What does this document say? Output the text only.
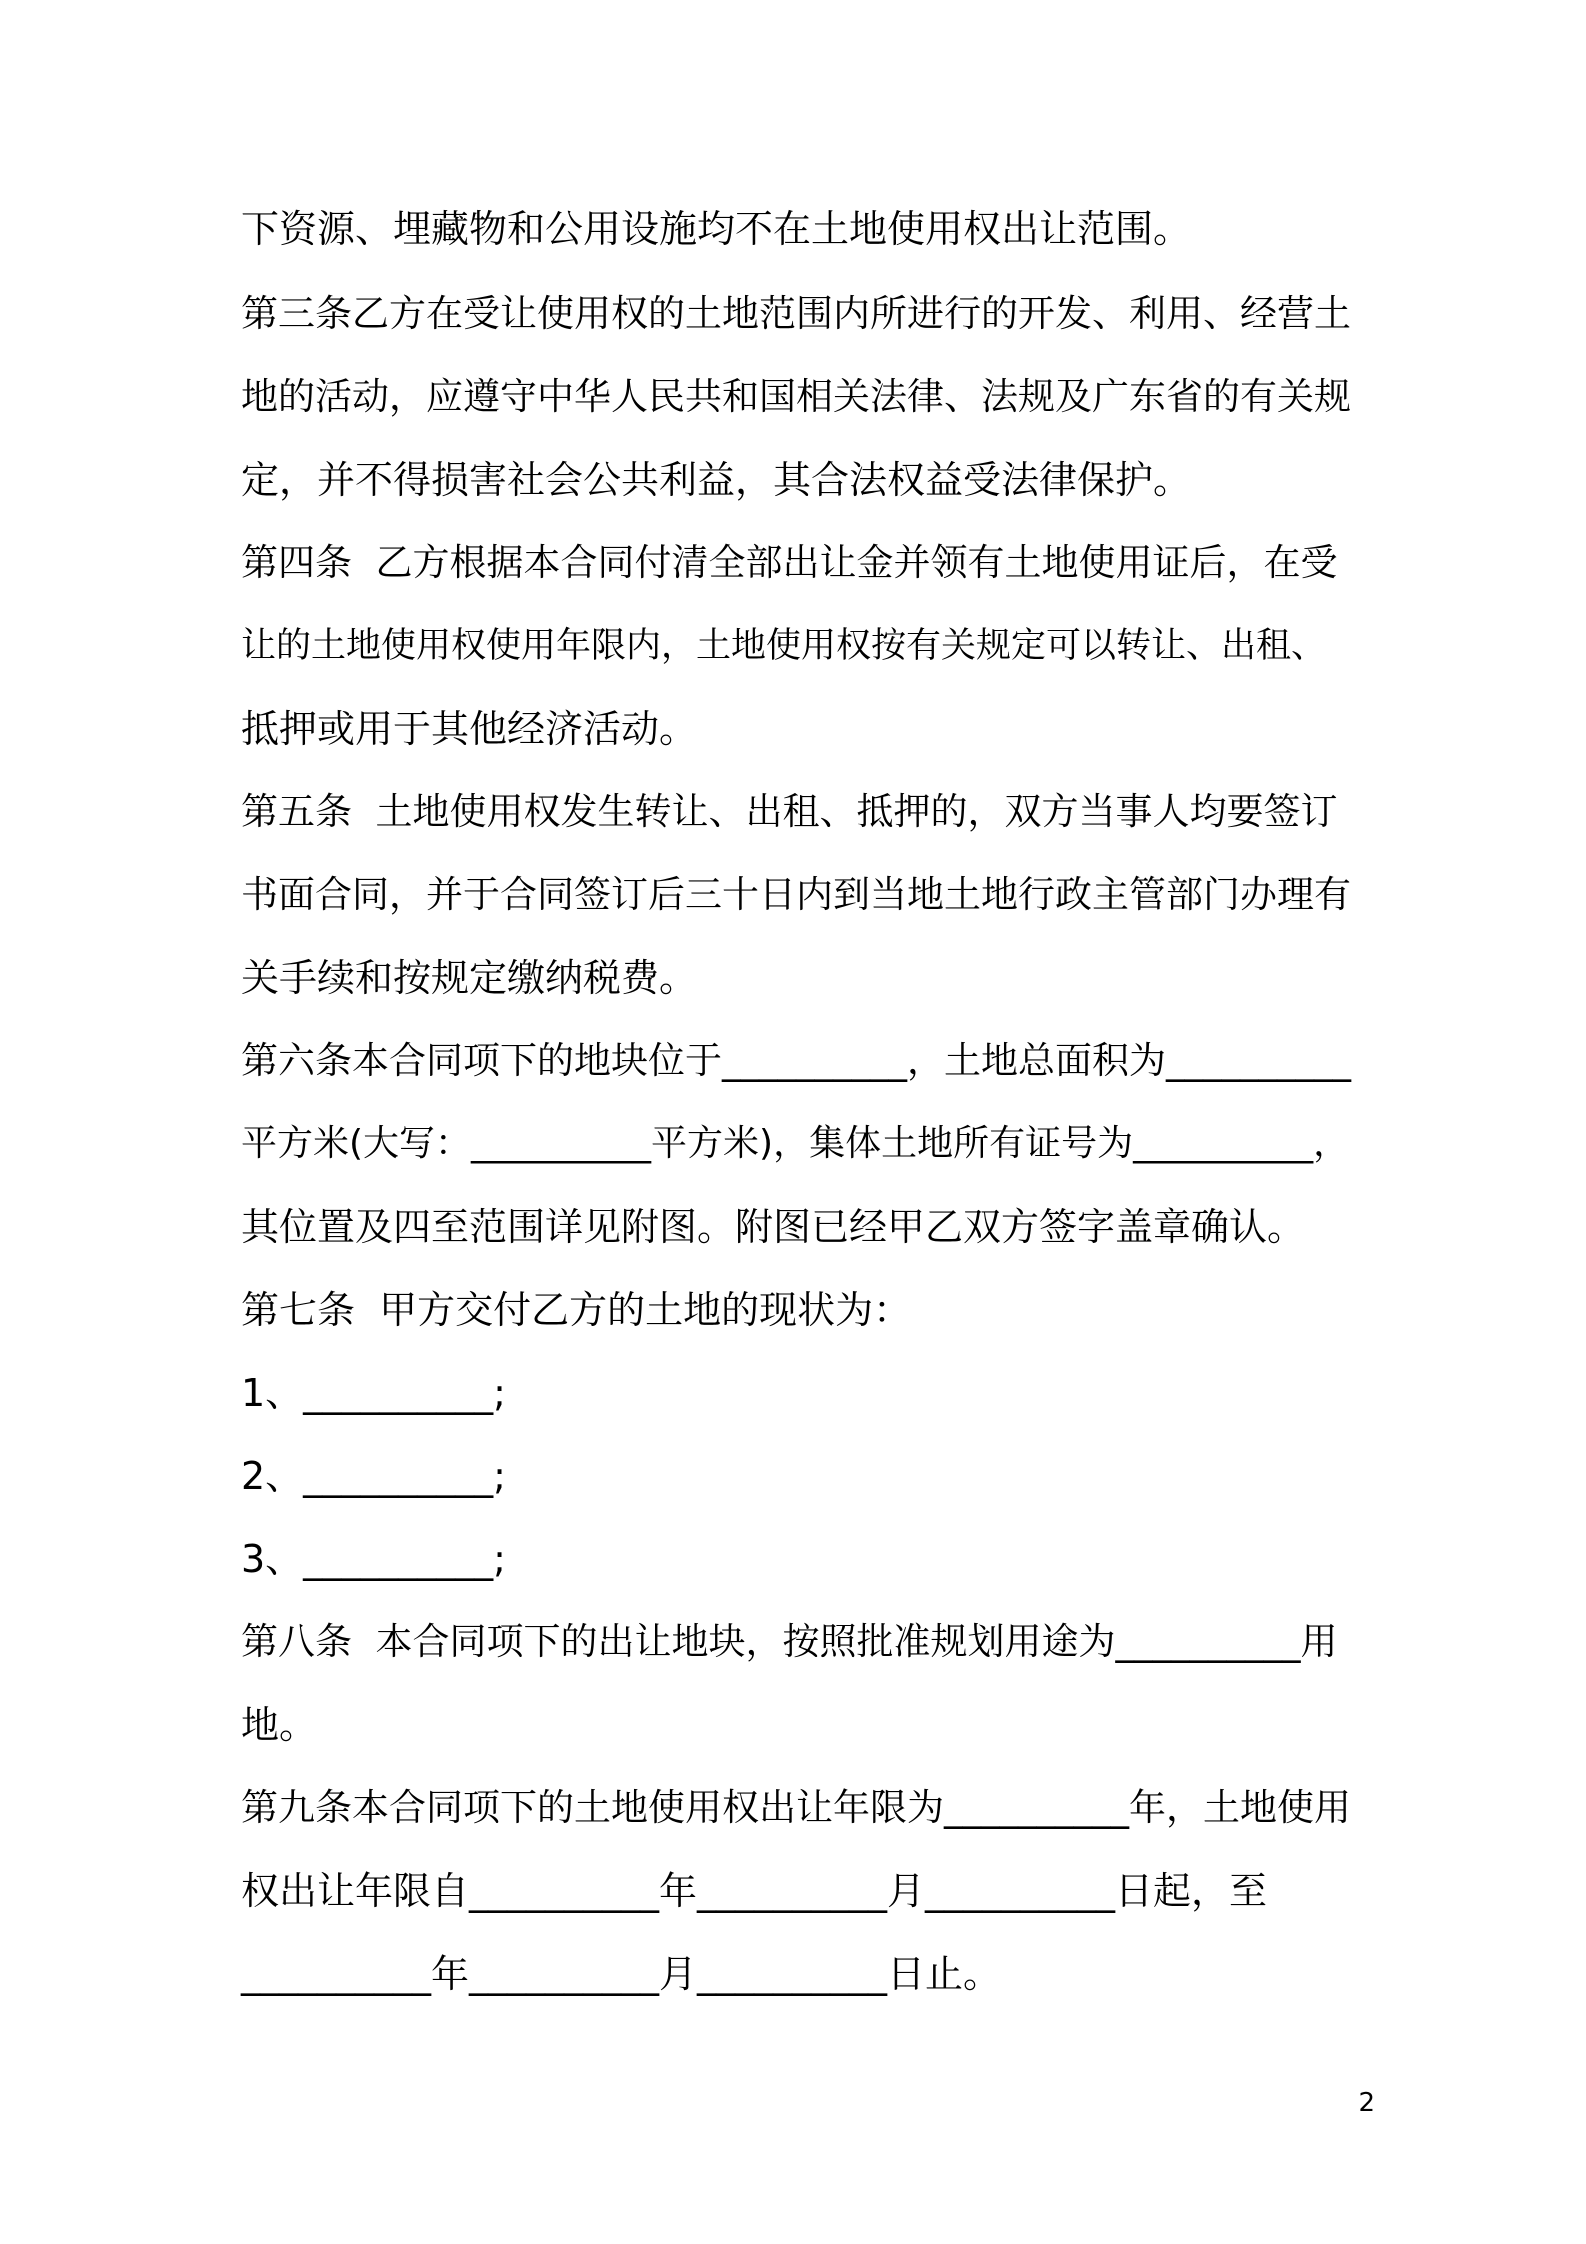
下资源、埋藏物和公用设施均不在土地使用权出让范围。
第三条乙方在受让使用权的土地范围内所进行的开发、利用、经营土
地的活动，应遵守中华人民共和国相关法律、法规及广东省的有关规
定，并不得损害社会公共利益，其合法权益受法律保护。
第四条  乙方根据本合同付清全部出让金并领有土地使用证后，在受
让的土地使用权使用年限内，土地使用权按有关规定可以转让、出租、
抵押或用于其他经济活动。
第五条  土地使用权发生转让、出租、抵押的，双方当事人均要签订
书面合同，并于合同签订后三十日内到当地土地行政主管部门办理有
关手续和按规定缴纳税费。
第六条本合同项下的地块位于__________，土地总面积为__________
平方米(大写：__________平方米)，集体土地所有证号为__________，
其位置及四至范围详见附图。附图已经甲乙双方签字盖章确认。
第七条  甲方交付乙方的土地的现状为：
1、__________;
2、__________;
3、__________;
第八条  本合同项下的出让地块，按照批准规划用途为__________用
地。
第九条本合同项下的土地使用权出让年限为__________年，土地使用
权出让年限自__________年__________月__________日起，至
__________年__________月__________日止。
2
